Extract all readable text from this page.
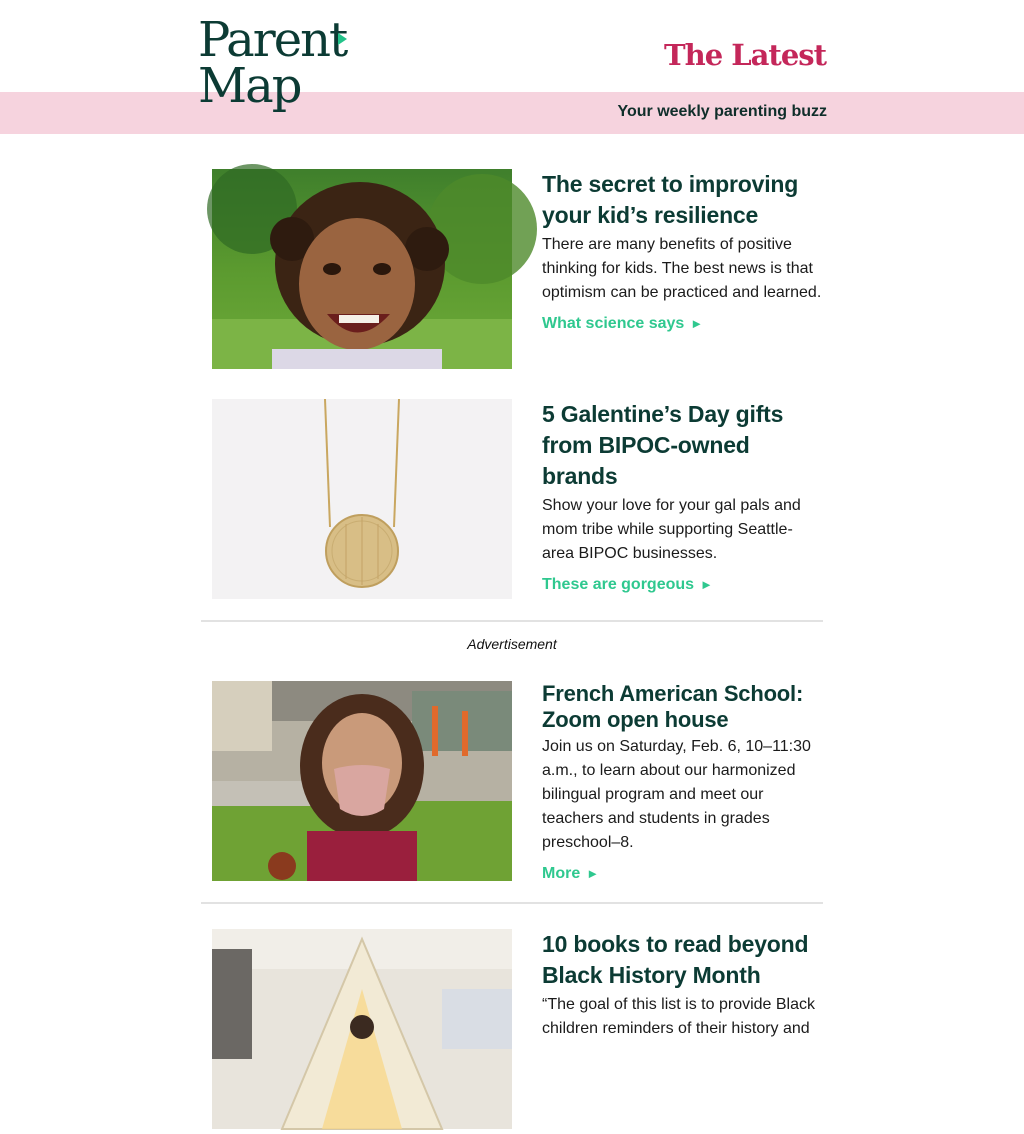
Parent
Map
The Latest
Your weekly parenting buzz
The secret to improving your kid’s resilience

There are many benefits of positive thinking for kids. The best news is that optimism can be practiced and learned.

What science says ►
5 Galentine’s Day gifts from BIPOC-owned brands

Show your love for your gal pals and mom tribe while supporting Seattle-area BIPOC businesses.

These are gorgeous ►
Advertisement
French American School: Zoom open house

Join us on Saturday, Feb. 6, 10–11:30 a.m., to learn about our harmonized bilingual program and meet our teachers and students in grades preschool–8.

More ►
10 books to read beyond Black History Month

“The goal of this list is to provide Black children reminders of their history and
